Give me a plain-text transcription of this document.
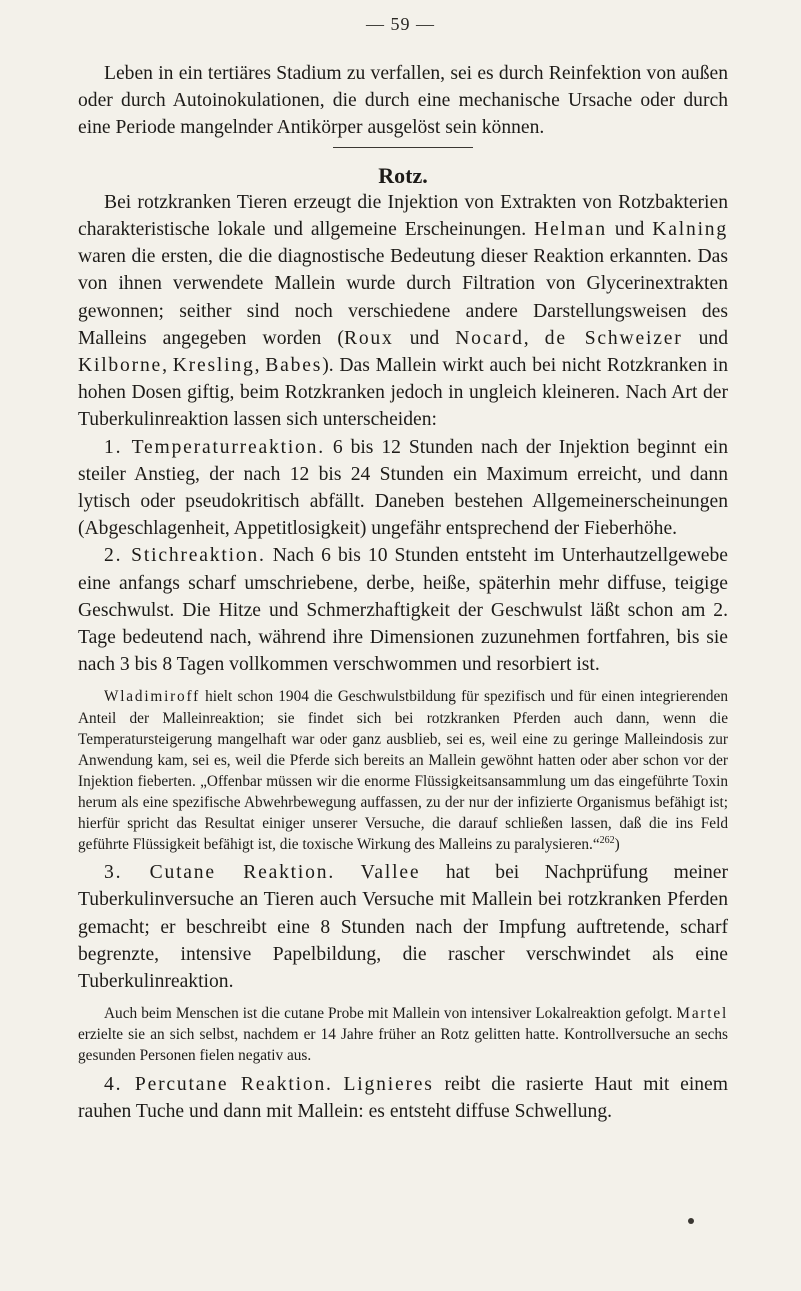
— 59 —

Leben in ein tertiäres Stadium zu verfallen, sei es durch Reinfektion von außen oder durch Autoinokulationen, die durch eine mechanische Ursache oder durch eine Periode mangelnder Antikörper ausgelöst sein können.

Rotz.

Bei rotzkranken Tieren erzeugt die Injektion von Extrakten von Rotzbakterien charakteristische lokale und allgemeine Erscheinungen. Helman und Kalning waren die ersten, die die diagnostische Bedeutung dieser Reaktion erkannten. Das von ihnen verwendete Mallein wurde durch Filtration von Glycerinextrakten gewonnen; seither sind noch verschiedene andere Darstellungsweisen des Malleins angegeben worden (Roux und Nocard, de Schweizer und Kilborne, Kresling, Babes). Das Mallein wirkt auch bei nicht Rotzkranken in hohen Dosen giftig, beim Rotzkranken jedoch in ungleich kleineren. Nach Art der Tuberkulinreaktion lassen sich unterscheiden:

1. Temperaturreaktion. 6 bis 12 Stunden nach der Injektion beginnt ein steiler Anstieg, der nach 12 bis 24 Stunden ein Maximum erreicht, und dann lytisch oder pseudokritisch abfällt. Daneben bestehen Allgemeinerscheinungen (Abgeschlagenheit, Appetitlosigkeit) ungefähr entsprechend der Fieberhöhe.

2. Stichreaktion. Nach 6 bis 10 Stunden entsteht im Unterhautzellgewebe eine anfangs scharf umschriebene, derbe, heiße, späterhin mehr diffuse, teigige Geschwulst. Die Hitze und Schmerzhaftigkeit der Geschwulst läßt schon am 2. Tage bedeutend nach, während ihre Dimensionen zuzunehmen fortfahren, bis sie nach 3 bis 8 Tagen vollkommen verschwommen und resorbiert ist.

Wladimiroff hielt schon 1904 die Geschwulstbildung für spezifisch und für einen integrierenden Anteil der Malleinreaktion; sie findet sich bei rotzkranken Pferden auch dann, wenn die Temperatursteigerung mangelhaft war oder ganz ausblieb, sei es, weil eine zu geringe Malleindosis zur Anwendung kam, sei es, weil die Pferde sich bereits an Mallein gewöhnt hatten oder aber schon vor der Injektion fieberten. „Offenbar müssen wir die enorme Flüssigkeitsansammlung um das eingeführte Toxin herum als eine spezifische Abwehrbewegung auffassen, zu der nur der infizierte Organismus befähigt ist; hierfür spricht das Resultat einiger unserer Versuche, die darauf schließen lassen, daß die ins Feld geführte Flüssigkeit befähigt ist, die toxische Wirkung des Malleins zu paralysieren.“$^{262}$)

3. Cutane Reaktion. Vallee hat bei Nachprüfung meiner Tuberkulinversuche an Tieren auch Versuche mit Mallein bei rotzkranken Pferden gemacht; er beschreibt eine 8 Stunden nach der Impfung auftretende, scharf begrenzte, intensive Papelbildung, die rascher verschwindet als eine Tuberkulinreaktion.

Auch beim Menschen ist die cutane Probe mit Mallein von intensiver Lokalreaktion gefolgt. Martel erzielte sie an sich selbst, nachdem er 14 Jahre früher an Rotz gelitten hatte. Kontrollversuche an sechs gesunden Personen fielen negativ aus.

4. Percutane Reaktion. Lignieres reibt die rasierte Haut mit einem rauhen Tuche und dann mit Mallein: es entsteht diffuse Schwellung.
